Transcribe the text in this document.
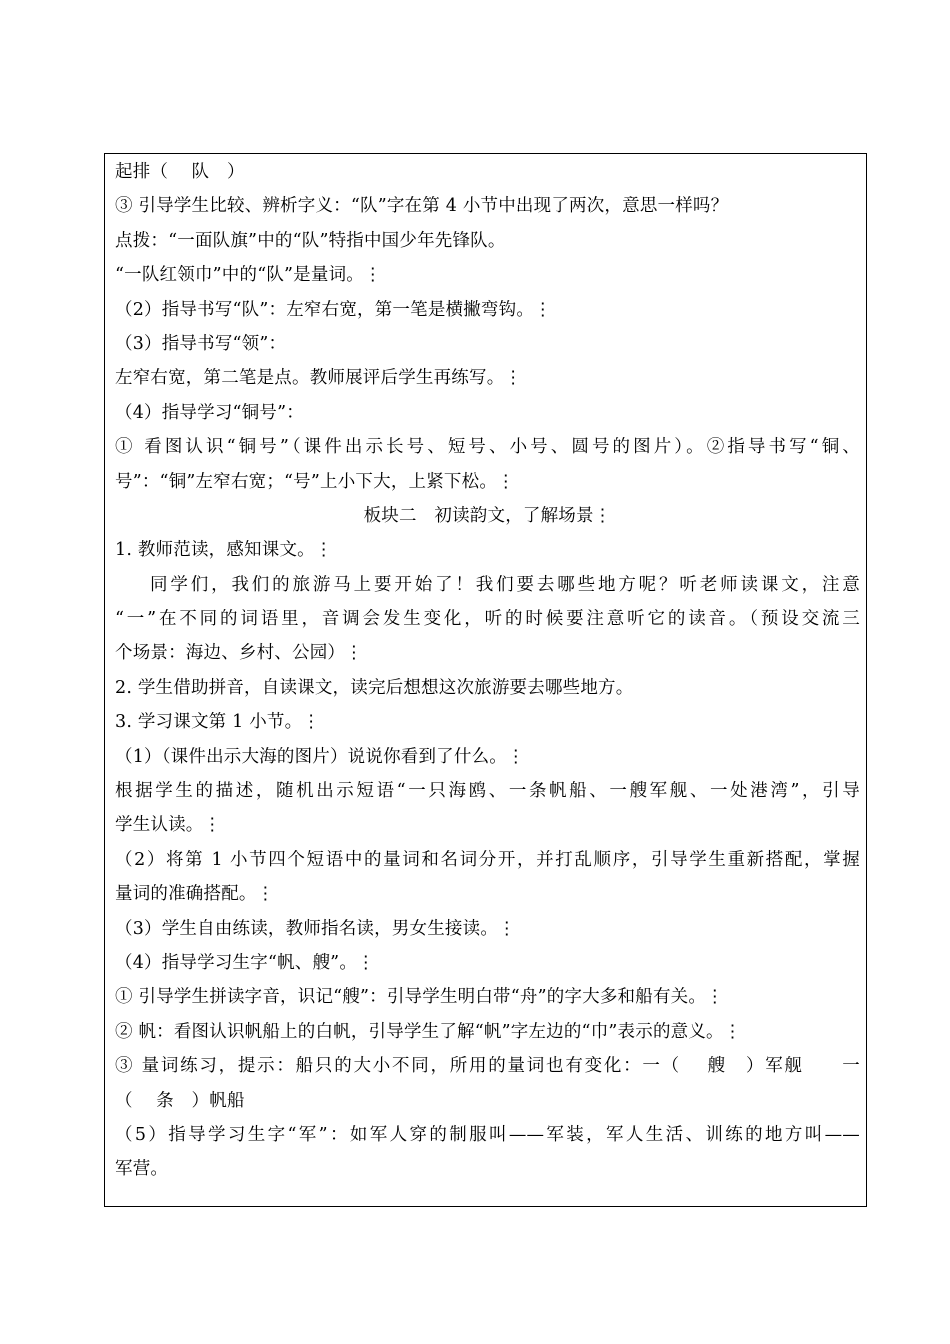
起排（　 队　）
③ 引导学生比较、辨析字义：“队”字在第 4 小节中出现了两次，意思一样吗？
点拨：“一面队旗”中的“队”特指中国少年先锋队。
“一队红领巾”中的“队”是量词。⋮
（2）指导书写“队”：左窄右宽，第一笔是横撇弯钩。⋮
（3）指导书写“领”：
左窄右宽，第二笔是点。教师展评后学生再练写。⋮
（4）指导学习“铜号”：
① 看图认识“铜号”（课件出示长号、短号、小号、圆号的图片）。②指导书写“铜、
号”：“铜”左窄右宽；“号”上小下大，上紧下松。⋮
板块二　初读韵文，了解场景⋮
1. 教师范读，感知课文。⋮
同学们，我们的旅游马上要开始了！我们要去哪些地方呢？听老师读课文，注意
“一”在不同的词语里，音调会发生变化，听的时候要注意听它的读音。（预设交流三
个场景：海边、乡村、公园）⋮
2. 学生借助拼音，自读课文，读完后想想这次旅游要去哪些地方。
3. 学习课文第 1 小节。⋮
（1）（课件出示大海的图片）说说你看到了什么。⋮
根据学生的描述，随机出示短语“一只海鸥、一条帆船、一艘军舰、一处港湾”，引导
学生认读。⋮
（2）将第 1 小节四个短语中的量词和名词分开，并打乱顺序，引导学生重新搭配，掌握
量词的准确搭配。⋮
（3）学生自由练读，教师指名读，男女生接读。⋮
（4）指导学习生字“帆、艘”。⋮
① 引导学生拼读字音，识记“艘”：引导学生明白带“舟”的字大多和船有关。⋮
② 帆：看图认识帆船上的白帆，引导学生了解“帆”字左边的“巾”表示的意义。⋮
③ 量词练习，提示：船只的大小不同，所用的量词也有变化：一（　 艘　）军舰　　一
（　 条　）帆船
（5）指导学习生字“军”：如军人穿的制服叫——军装，军人生活、训练的地方叫——
军营。
